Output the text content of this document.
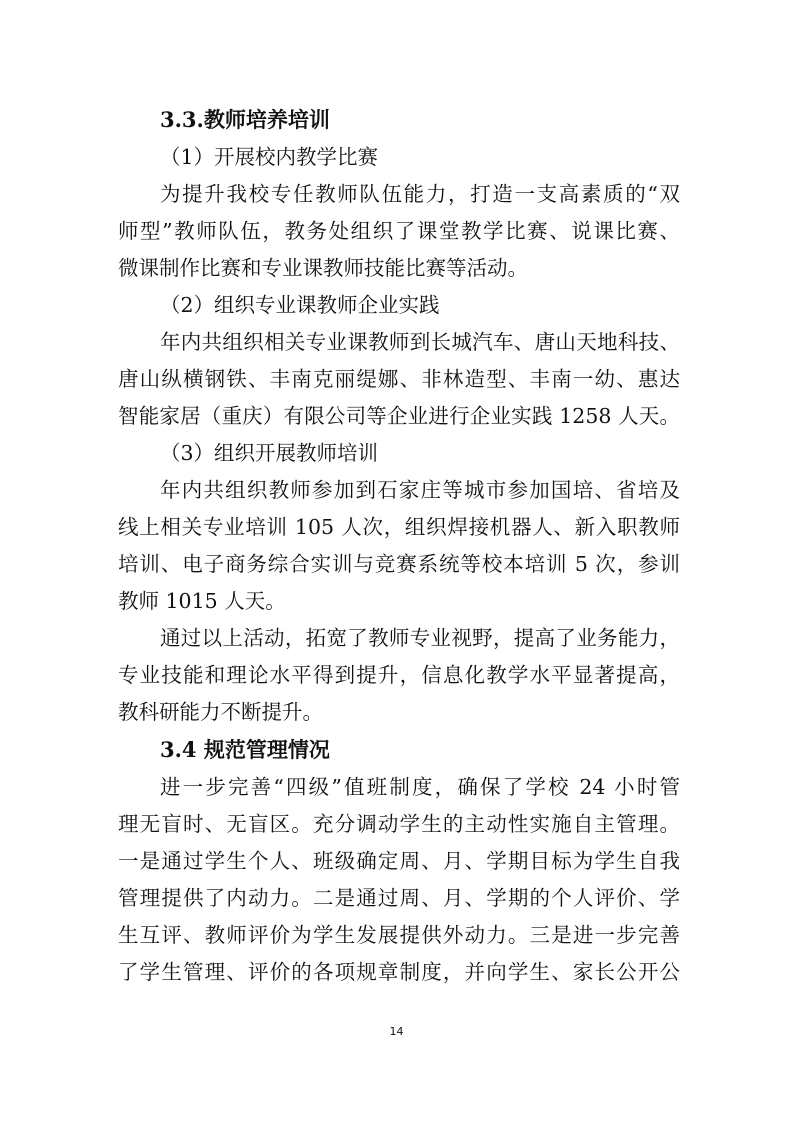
3.3.教师培养培训
（1）开展校内教学比赛
为提升我校专任教师队伍能力，打造一支高素质的“双
师型”教师队伍，教务处组织了课堂教学比赛、说课比赛、
微课制作比赛和专业课教师技能比赛等活动。
（2）组织专业课教师企业实践
年内共组织相关专业课教师到长城汽车、唐山天地科技、
唐山纵横钢铁、丰南克丽缇娜、非林造型、丰南一幼、惠达
智能家居（重庆）有限公司等企业进行企业实践 1258 人天。
（3）组织开展教师培训
年内共组织教师参加到石家庄等城市参加国培、省培及
线上相关专业培训 105 人次，组织焊接机器人、新入职教师
培训、电子商务综合实训与竞赛系统等校本培训 5 次，参训
教师 1015 人天。
通过以上活动，拓宽了教师专业视野，提高了业务能力，
专业技能和理论水平得到提升，信息化教学水平显著提高，
教科研能力不断提升。
3.4 规范管理情况
进一步完善“四级”值班制度，确保了学校 24 小时管
理无盲时、无盲区。充分调动学生的主动性实施自主管理。
一是通过学生个人、班级确定周、月、学期目标为学生自我
管理提供了内动力。二是通过周、月、学期的个人评价、学
生互评、教师评价为学生发展提供外动力。三是进一步完善
了学生管理、评价的各项规章制度，并向学生、家长公开公
14
